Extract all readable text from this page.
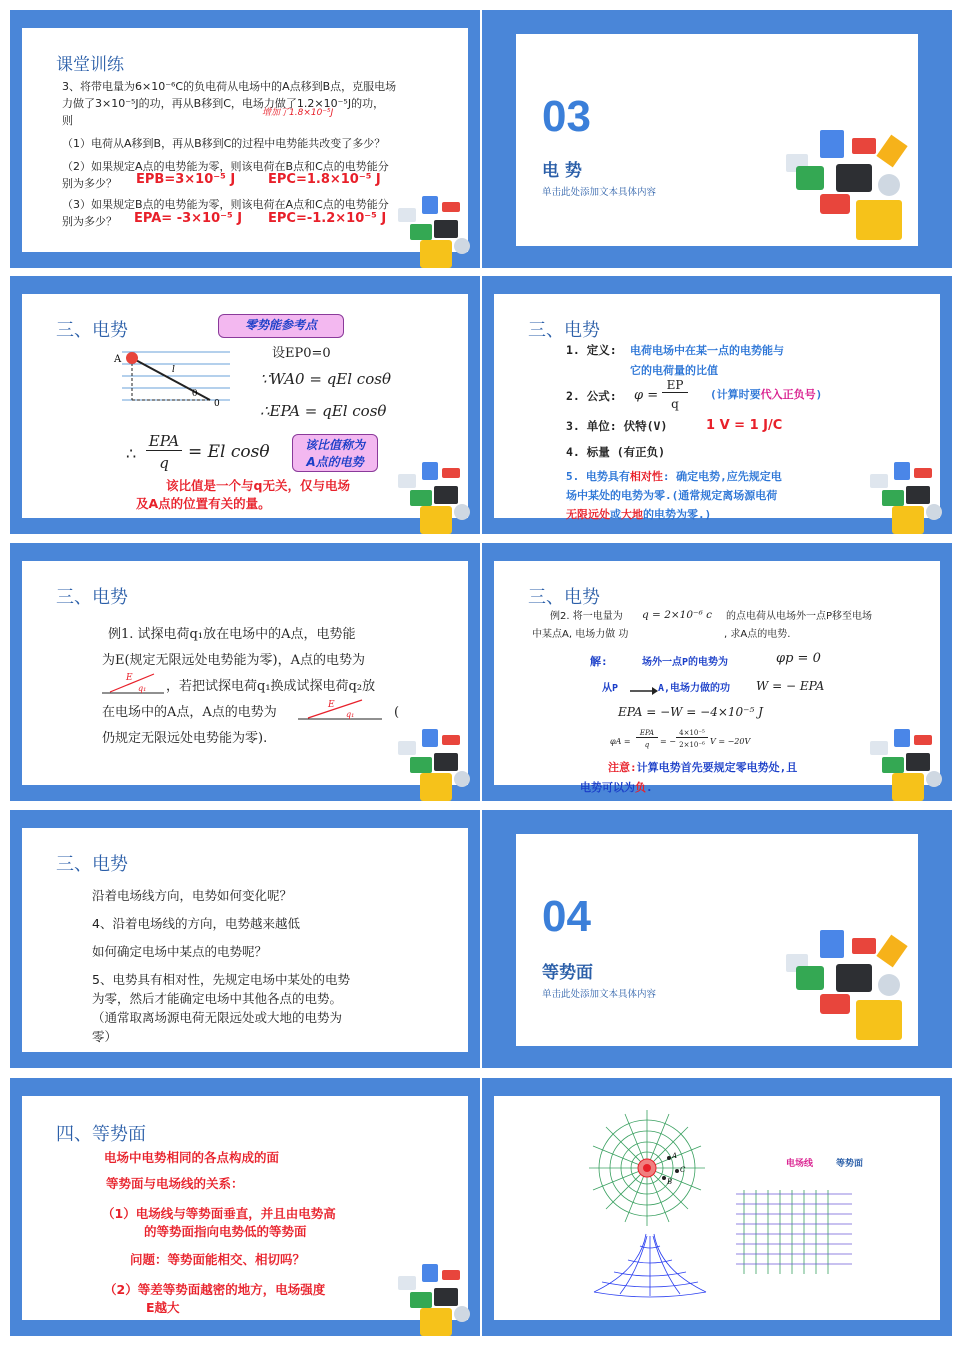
课堂训练
3、将带电量为6×10⁻⁶C的负电荷从电场中的A点移到B点，克服电场
力做了3×10⁻⁵J的功，再从B移到C，电场力做了1.2×10⁻⁵J的功，
则
增加了1.8×10⁻⁵J
（1）电荷从A移到B，再从B移到C的过程中电势能共改变了多少？
（2）如果规定A点的电势能为零，则该电荷在B点和C点的电势能分
别为多少？ EPB=3×10⁻⁵ J	EPC=1.8×10⁻⁵ J
（3）如果规定B点的电势能为零，则该电荷在A点和C点的电势能分
别为多少？ EPA= -3×10⁻⁵ J EPC=-1.2×10⁻⁵ J
03
电 势
单击此处添加文本具体内容
三、电势
A
l
θ
0
零势能参考点
设EP0=0
∵WA0 = qEl cosθ
∴EPA = qEl cosθ
∴
EPA
q
= El cosθ	该比值称为
A点的电势
该比值是一个与q无关，仅与电场
及A点的位置有关的量。
三、电势
1. 定义: 电荷电场中在某一点的电势能与
它的电荷量的比值
2. 公式: φ =
EP
q
(计算时要代入正负号)
3. 单位: 伏特(V)	1 V = 1 J/C
4. 标量 (有正负)
5. 电势具有相对性: 确定电势,应先规定电
场中某处的电势为零.(通常规定离场源电荷
无限远处或大地的电势为零.)
三、电势
例1. 试探电荷q₁放在电场中的A点，电势能
为E(规定无限远处电势能为零)，A点的电势为
E
q₁ ，若把试探电荷q₁换成试探电荷q₂放
在电场中的A点，A点的电势为	E
q₁	(
仍规定无限远处电势能为零).
三、电势
例2. 将一电量为 q = 2×10⁻⁶ c 的点电荷从电场外一点P移至电场
中某点A, 电场力做 功	, 求A点的电势.
解:	场外一点P的电势为	φp = 0
从P	A,电场力做的功 W = − EPA
EPA = −W = −4×10⁻⁵ J
φA =
EPA
q	= −
4×10⁻⁵
2×10⁻⁶ V = −20V
注意:计算电势首先要规定零电势处,且
电势可以为负.
三、电势
沿着电场线方向，电势如何变化呢？
4、沿着电场线的方向，电势越来越低
如何确定电场中某点的电势呢？
5、电势具有相对性，先规定电场中某处的电势
为零，然后才能确定电场中其他各点的电势。
（通常取离场源电荷无限远处或大地的电势为
零）
04
等势面
单击此处添加文本具体内容
四、等势面
电场中电势相同的各点构成的面
等势面与电场线的关系：
（1）电场线与等势面垂直，并且由电势高
的等势面指向电势低的等势面
问题：等势面能相交、相切吗？
（2）等差等势面越密的地方，电场强度
E越大
A
C
B
电场线	等势面
